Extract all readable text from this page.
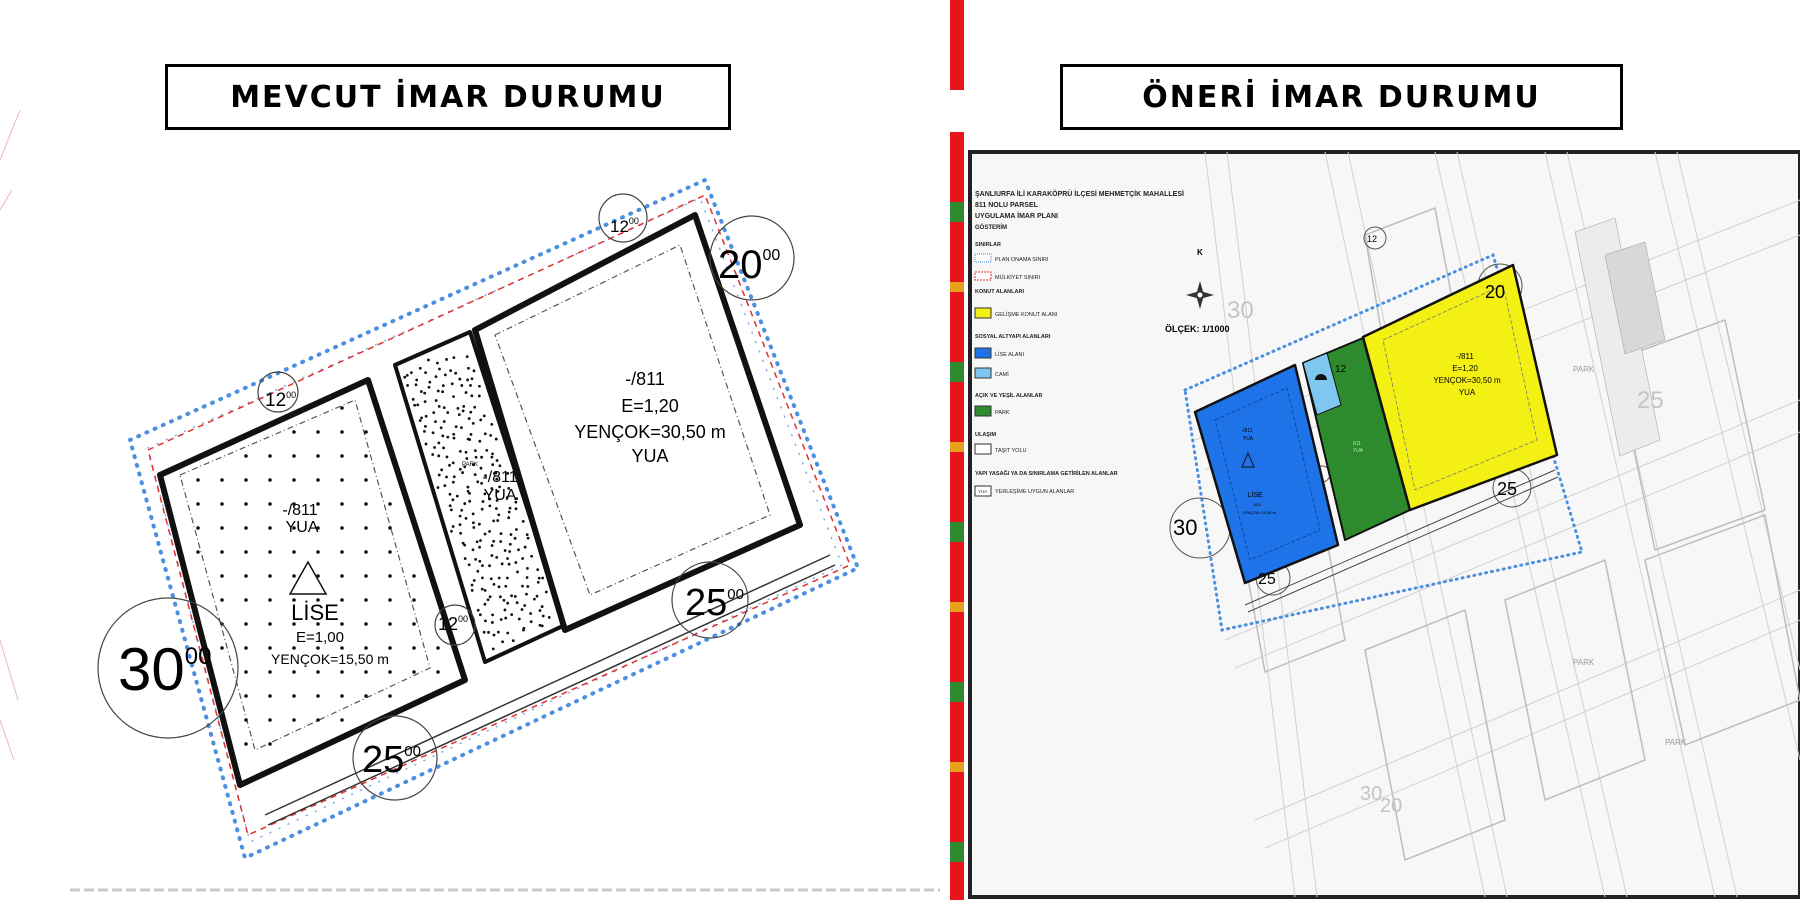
MEVCUT İMAR DURUMU
-/811
E=1,20
YENÇOK=30,50 m
YUA
PARK
-/811
YUA
-/811
YUA
LİSE
E=1,00
YENÇOK=15,50 m
$12^{00}$
$20^{00}$
$12^{00}$
$30^{00}$
$12^{00}$	$25^{00}$
$25^{00}$
ÖNERİ İMAR DURUMU
PARK
PARK
PARK
25
30
20
30
-/811
YUA
LİSE
-/811
YENÇOK=15,50 m
811
YUA
-/811
E=1,20
YENÇOK=30,50 m
YUA
20
30
25
25
12
12
K
ÖLÇEK: 1/1000
ŞANLIURFA İLİ KARAKÖPRÜ İLÇESİ MEHMETÇİK MAHALLESİ
811 NOLU PARSEL
UYGULAMA İMAR PLANI
GÖSTERİM
SINIRLAR
PLAN ONAMA SINIRI
MÜLKİYET SINIRI
KONUT ALANLARI
GELİŞME KONUT ALANI
SOSYAL ALTYAPI ALANLARI
LİSE ALANI
CAMİ
AÇIK VE YEŞİL ALANLAR
PARK
ULAŞIM
TAŞIT YOLU
YAPI YASAĞI YA DA SINIRLAMA GETİRİLEN ALANLAR
YUA YERLEŞİME UYGUN ALANLAR
